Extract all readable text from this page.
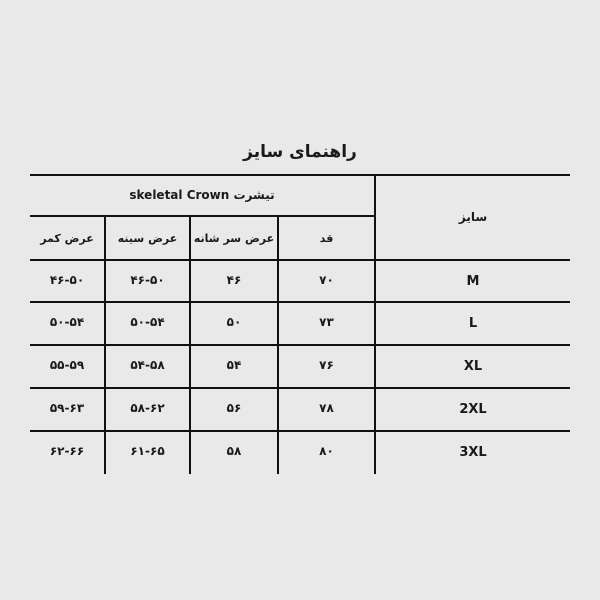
راهنمای سایز
تیشرت skeletal Crown
سایز
قد
عرض سر شانه
عرض سینه
عرض کمر
M
۷۰
۴۶
۴۶-۵۰
۴۶-۵۰
L
۷۳
۵۰
۵۰-۵۴
۵۰-۵۴
XL
۷۶
۵۴
۵۴-۵۸
۵۵-۵۹
2XL
۷۸
۵۶
۵۸-۶۲
۵۹-۶۳
3XL
۸۰
۵۸
۶۱-۶۵
۶۲-۶۶
